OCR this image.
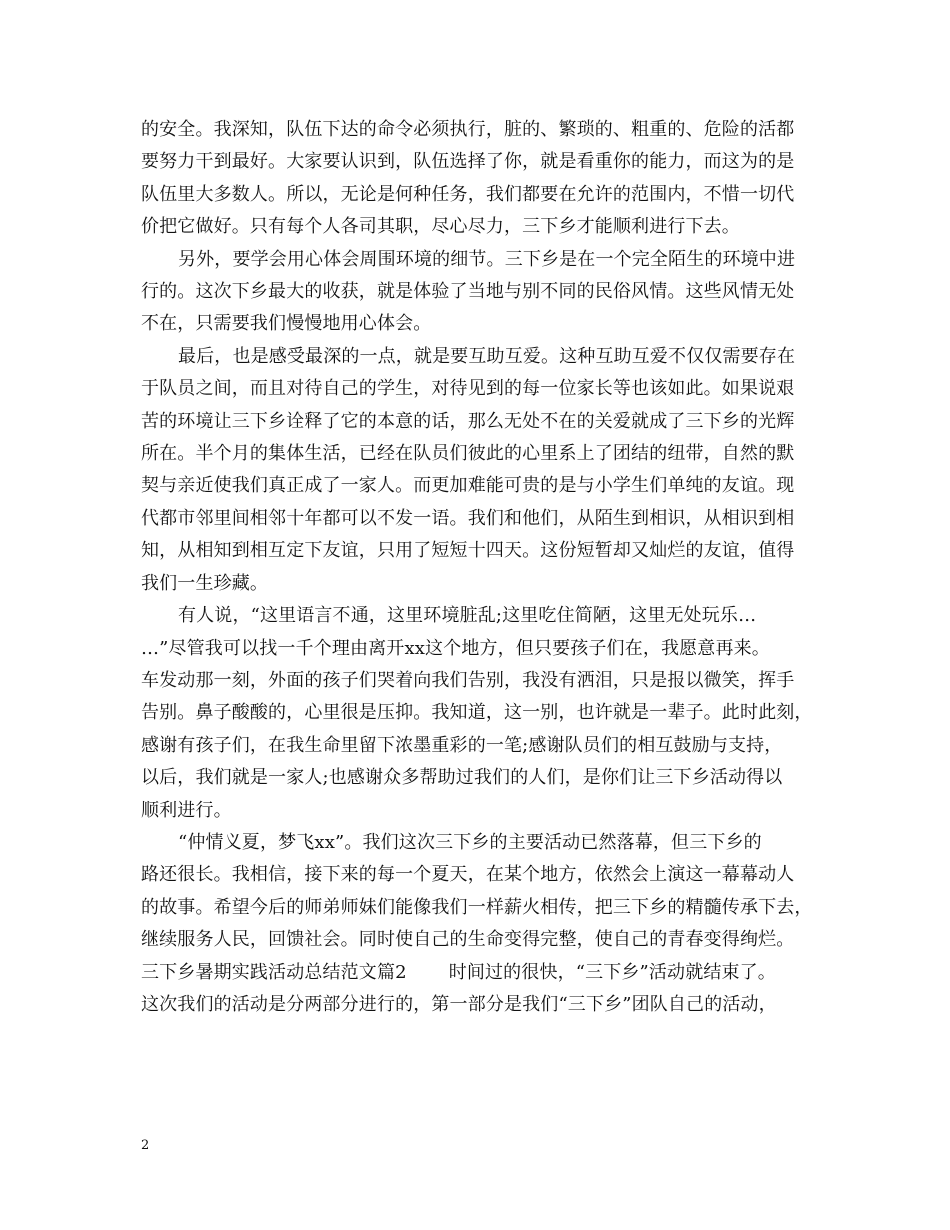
的安全。我深知，队伍下达的命令必须执行，脏的、繁琐的、粗重的、危险的活都
要努力干到最好。大家要认识到，队伍选择了你，就是看重你的能力，而这为的是
队伍里大多数人。所以，无论是何种任务，我们都要在允许的范围内，不惜一切代
价把它做好。只有每个人各司其职，尽心尽力，三下乡才能顺利进行下去。
另外，要学会用心体会周围环境的细节。三下乡是在一个完全陌生的环境中进
行的。这次下乡最大的收获，就是体验了当地与别不同的民俗风情。这些风情无处
不在，只需要我们慢慢地用心体会。
最后，也是感受最深的一点，就是要互助互爱。这种互助互爱不仅仅需要存在
于队员之间，而且对待自己的学生，对待见到的每一位家长等也该如此。如果说艰
苦的环境让三下乡诠释了它的本意的话，那么无处不在的关爱就成了三下乡的光辉
所在。半个月的集体生活，已经在队员们彼此的心里系上了团结的纽带，自然的默
契与亲近使我们真正成了一家人。而更加难能可贵的是与小学生们单纯的友谊。现
代都市邻里间相邻十年都可以不发一语。我们和他们，从陌生到相识，从相识到相
知，从相知到相互定下友谊，只用了短短十四天。这份短暂却又灿烂的友谊，值得
我们一生珍藏。
有人说，“这里语言不通，这里环境脏乱;这里吃住简陋，这里无处玩乐…
…”尽管我可以找一千个理由离开xx这个地方，但只要孩子们在，我愿意再来。
车发动那一刻，外面的孩子们哭着向我们告别，我没有洒泪，只是报以微笑，挥手
告别。鼻子酸酸的，心里很是压抑。我知道，这一别，也许就是一辈子。此时此刻，
感谢有孩子们，在我生命里留下浓墨重彩的一笔;感谢队员们的相互鼓励与支持，
以后，我们就是一家人;也感谢众多帮助过我们的人们，是你们让三下乡活动得以
顺利进行。
“仲情义夏，梦飞xx”。我们这次三下乡的主要活动已然落幕，但三下乡的
路还很长。我相信，接下来的每一个夏天，在某个地方，依然会上演这一幕幕动人
的故事。希望今后的师弟师妹们能像我们一样薪火相传，把三下乡的精髓传承下去，
继续服务人民，回馈社会。同时使自己的生命变得完整，使自己的青春变得绚烂。
三下乡暑期实践活动总结范文篇2 时间过的很快，“三下乡”活动就结束了。
这次我们的活动是分两部分进行的，第一部分是我们“三下乡”团队自己的活动，
2
